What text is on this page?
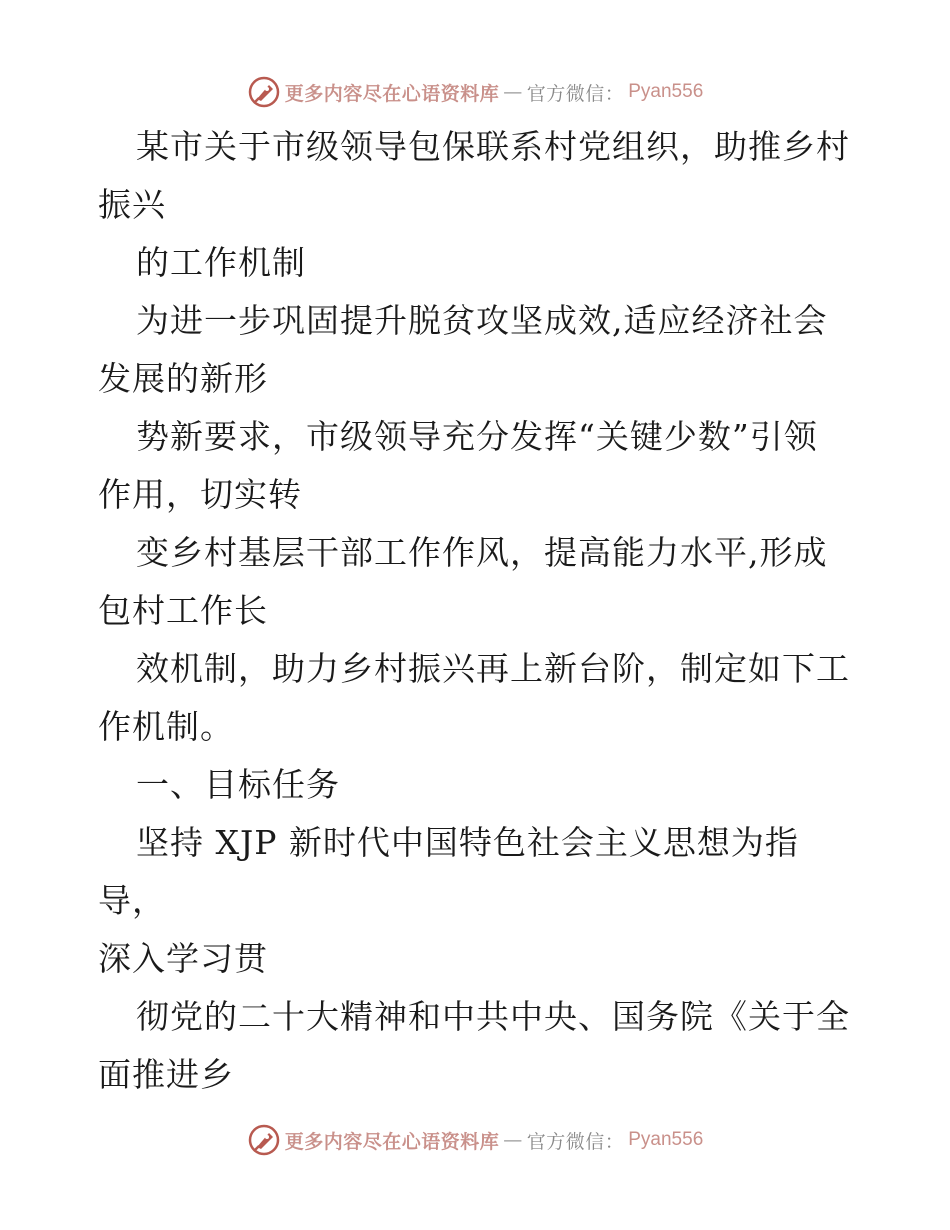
更多内容尽在心语资料库 — 官方微信： Pyan556

某市关于市级领导包保联系村党组织，助推乡村
振兴

的工作机制

为进一步巩固提升脱贫攻坚成效,适应经济社会
发展的新形

势新要求，市级领导充分发挥“关键少数”引领
作用，切实转

变乡村基层干部工作作风，提高能力水平,形成
包村工作长

效机制，助力乡村振兴再上新台阶，制定如下工
作机制。

一、目标任务

坚持 XJP 新时代中国特色社会主义思想为指导，
深入学习贯

彻党的二十大精神和中共中央、国务院《关于全
面推进乡

更多内容尽在心语资料库 — 官方微信： Pyan556
